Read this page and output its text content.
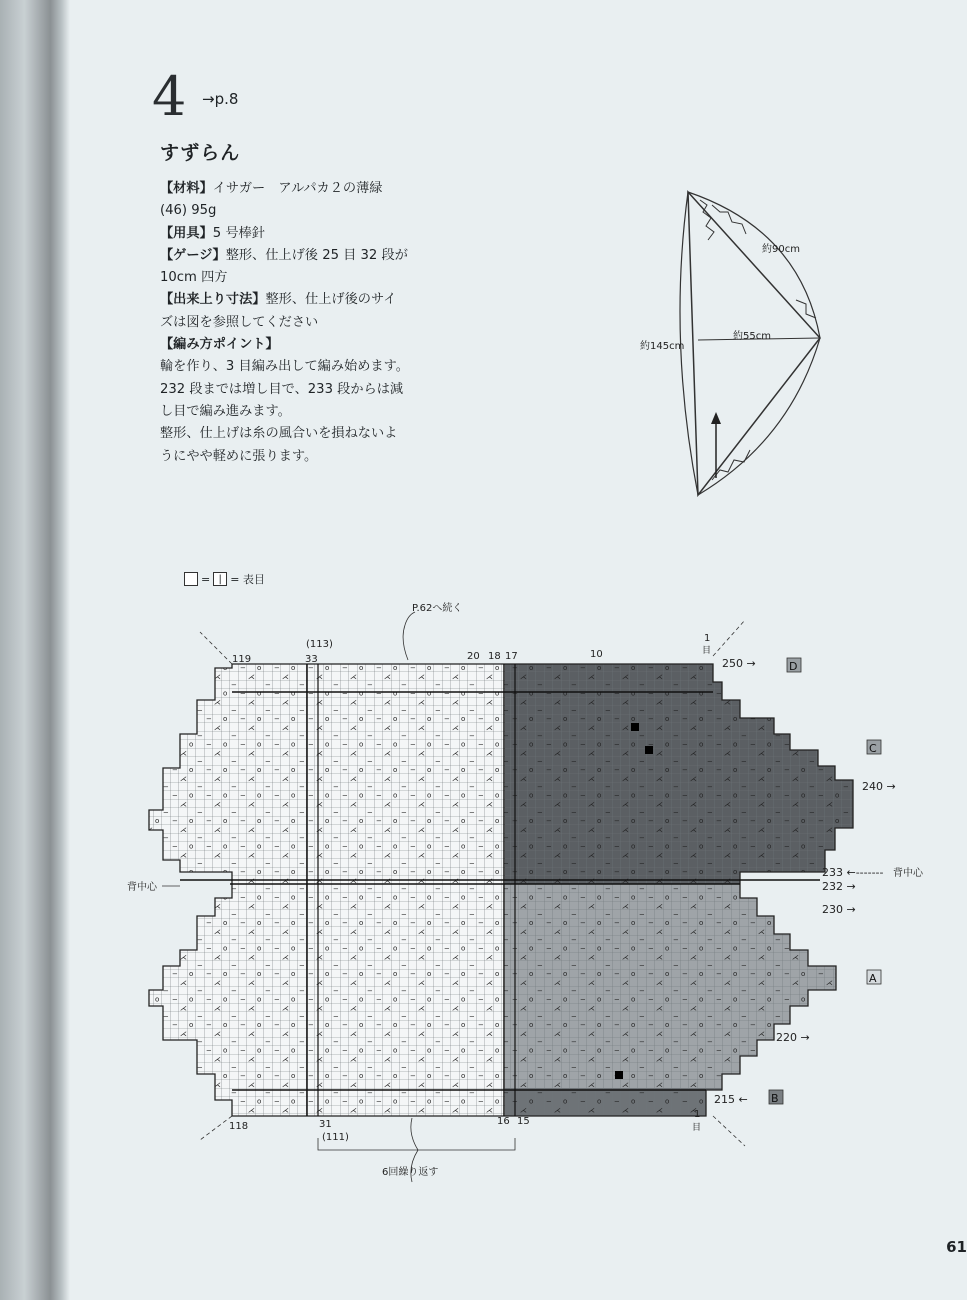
4 →p.8
すずらん

【材料】イサガー　アルパカ２の薄緑

(46) 95g

【用具】5 号棒針

【ゲージ】整形、仕上げ後 25 目 32 段が

10cm 四方

【出来上り寸法】整形、仕上げ後のサイ

ズは図を参照してください

【編み方ポイント】

輪を作り、3 目編み出して編み始めます。

232 段までは増し目で、233 段からは減

し目で編み進みます。

整形、仕上げは糸の風合いを損ねないよ

うにやや軽めに張ります。

約90cm
約145cm
約55cm
= | = 表目
P.62へ続く
(113)
119	33	20 18 17	10
1
目
118	31
(111)
16 15
1
目
6回繰り返す
250 →
240 →
233 ←-------
232 →
230 →
220 →
215 ←
背中心
背中心
D
C
A
B
61
